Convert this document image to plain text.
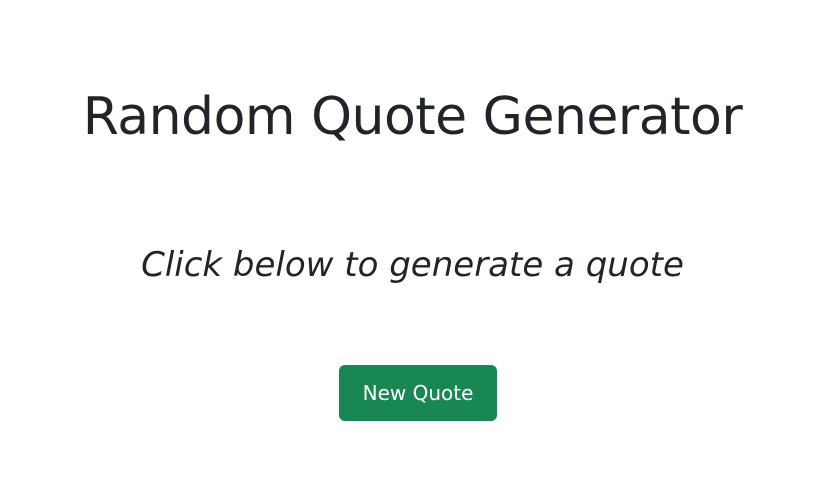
Random Quote Generator

Click below to generate a quote

New Quote
